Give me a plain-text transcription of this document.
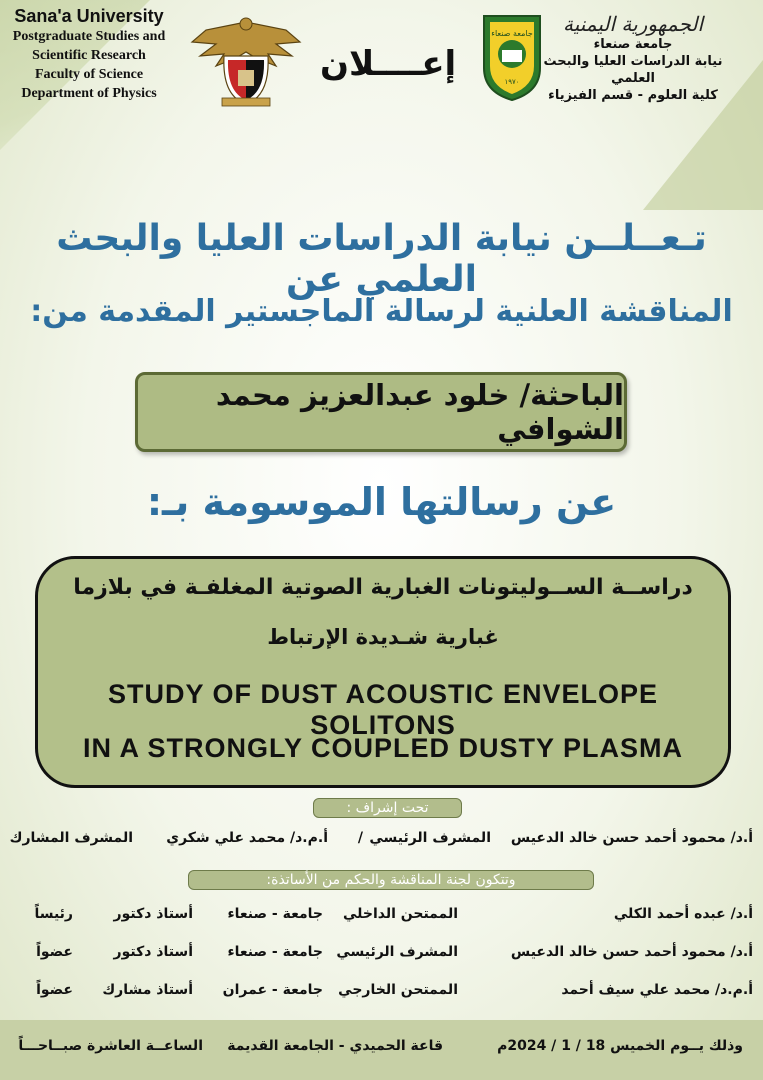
Sana'a University
Postgraduate Studies and
Scientific Research
Faculty of Science
Department of Physics
إعــــلان
جامعة صنعاء
١٩٧٠
الجمهورية اليمنية
جامعة صنعاء
نيابة الدراسات العليا والبحث العلمي
كلية العلوم - قسم الفيزياء
تـعــلــن نيابة الدراسات العليا والبحث العلمي عن
المناقشة العلنية لرسالة الماجستير المقدمة من:
الباحثة/ خلود عبدالعزيز محمد الشوافي
عن رسالتها الموسومة بـ:
دراســة الســوليتونات الغبارية الصوتية المغلفـة في بلازما
غبارية شـديدة الإرتباط
STUDY OF DUST ACOUSTIC ENVELOPE SOLITONS
IN A STRONGLY COUPLED DUSTY PLASMA
تحت إشراف :
أ.د/ محمود أحمد حسن خالد الدعيس
المشرف الرئيسي
/
أ.م.د/ محمد علي شكري
المشرف المشارك
وتتكون لجنة المناقشة والحكم من الأساتذة:
أ.د/ عبده أحمد الكلي
الممتحن الداخلي
جامعة - صنعاء
أستاذ دكتور
رئيساً
أ.د/ محمود أحمد حسن خالد الدعيس
المشرف الرئيسي
جامعة - صنعاء
أستاذ دكتور
عضواً
أ.م.د/ محمد علي سيف أحمد
الممتحن الخارجي
جامعة - عمران
أستاذ مشارك
عضواً
وذلك يــوم الخميس 18 / 1 / 2024م
قاعة الحميدي - الجامعة القديمة
الساعــة العاشرة صبــاحـــاً
